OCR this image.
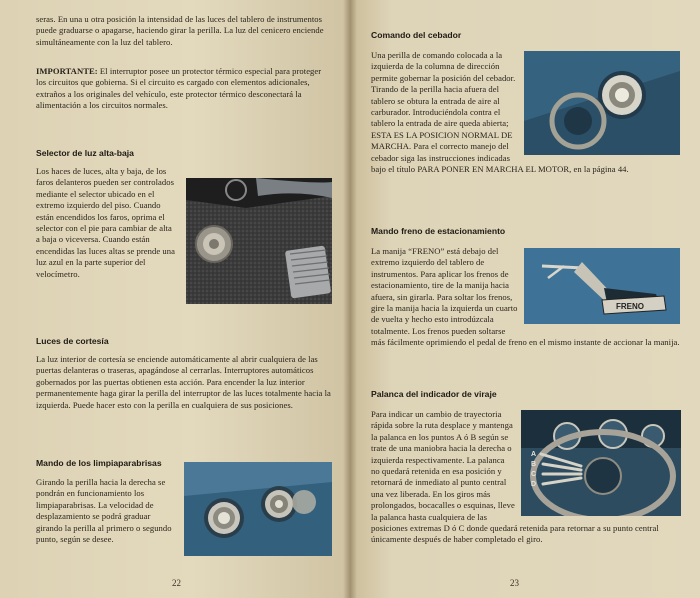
seras. En una u otra posición la intensidad de las luces del tablero de instrumentos puede graduarse o apagarse, haciendo girar la perilla. La luz del cenicero enciende simultáneamente con la luz del tablero.

IMPORTANTE: El interruptor posee un protector térmico especial para proteger los circuitos que gobierna. Si el circuito es cargado con elementos adicionales, extraños a los originales del vehículo, este protector térmico desconectará la alimentación a los circuitos normales.

Selector de luz alta-baja

Los haces de luces, alta y baja, de los faros delanteros pueden ser controlados mediante el selector ubicado en el extremo izquierdo del piso. Cuando están encendidos los faros, oprima el selector con el pie para cambiar de alta a baja o viceversa. Cuando están encendidas las luces altas se prende una luz azul en la parte superior del velocímetro.

Luces de cortesía

La luz interior de cortesía se enciende automáticamente al abrir cualquiera de las puertas delanteras o traseras, apagándose al cerrarlas. Interruptores automáticos gobernados por las puertas obtienen esta acción. Para encender la luz interior permanentemente haga girar la perilla del interruptor de las luces totalmente hacia la izquierda. Puede hacer esto con la perilla en cualquiera de sus posiciones.

Mando de los limpiaparabrisas

Girando la perilla hacia la derecha se pondrán en funcionamiento los limpiaparabrisas. La velocidad de desplazamiento se podrá graduar girando la perilla al primero o segundo punto, según se desee.

22
Comando del cebador

Una perilla de comando colocada a la izquierda de la columna de dirección permite gobernar la posición del cebador. Tirando de la perilla hacia afuera del tablero se obtura la entrada de aire al carburador. Introduciéndola contra el tablero la entrada de aire queda abierta; ESTA ES LA POSICION NORMAL DE MARCHA. Para el correcto manejo del cebador siga las instrucciones indicadas bajo el título PARA PONER EN MARCHA EL MOTOR, en la página 44.

Mando freno de estacionamiento

La manija “FRENO” está debajo del extremo izquierdo del tablero de instrumentos. Para aplicar los frenos de estacionamiento, tire de la manija hacia afuera, sin girarla. Para soltar los frenos, gire la manija hacia la izquierda un cuarto de vuelta y hecho esto introdúzcala totalmente. Los frenos pueden soltarse más fácilmente oprimiendo el pedal de freno en el mismo instante de accionar la manija.

FRENO
Palanca del indicador de viraje

Para indicar un cambio de trayectoria rápida sobre la ruta desplace y mantenga la palanca en los puntos A ó B según se trate de una maniobra hacia la derecha o izquierda respectivamente. La palanca no quedará retenida en esa posición y retornará de inmediato al punto central una vez liberada. En los giros más prolongados, bocacalles o esquinas, lleve la palanca hasta cualquiera de las posiciones extremas D ó C donde quedará retenida para retornar a su punto central únicamente después de haber completado el giro.

A
B
C
D
23
